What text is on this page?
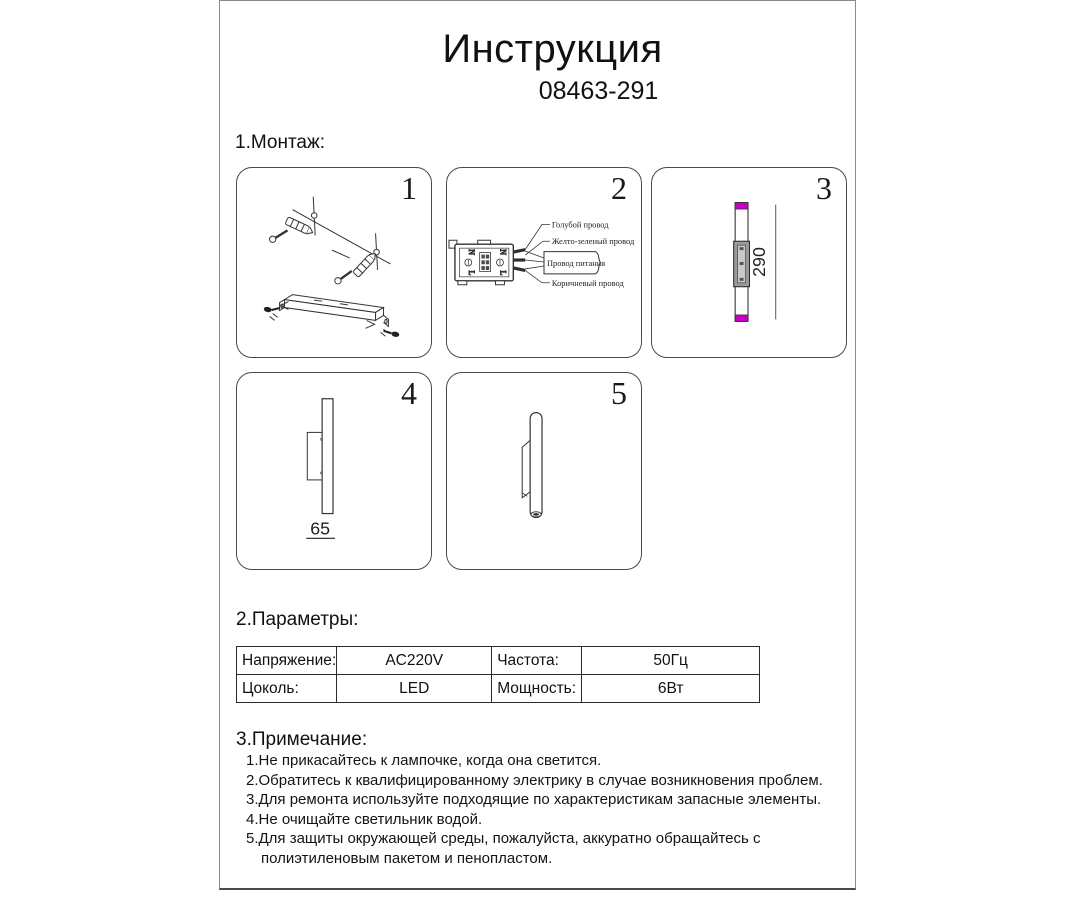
Инструкция
08463-291
1.Монтаж:
1
N
L
N
L
Голубой провод
Желто-зеленый провод
Провод питания
Коричневый провод
2
290
3
65
4	5
2.Параметры:
Напряжение:	AC220V	Частота:	50Гц
Цоколь:	LED	Мощность:	6Вт
3.Примечание:
1.Не прикасайтесь к лампочке, когда она светится.
2.Обратитесь к квалифицированному электрику в случае возникновения проблем.
3.Для ремонта используйте подходящие по характеристикам запасные элементы.
4.Не очищайте светильник водой.
5.Для защиты окружающей среды, пожалуйста, аккуратно обращайтесь с
полиэтиленовым пакетом и пенопластом.
